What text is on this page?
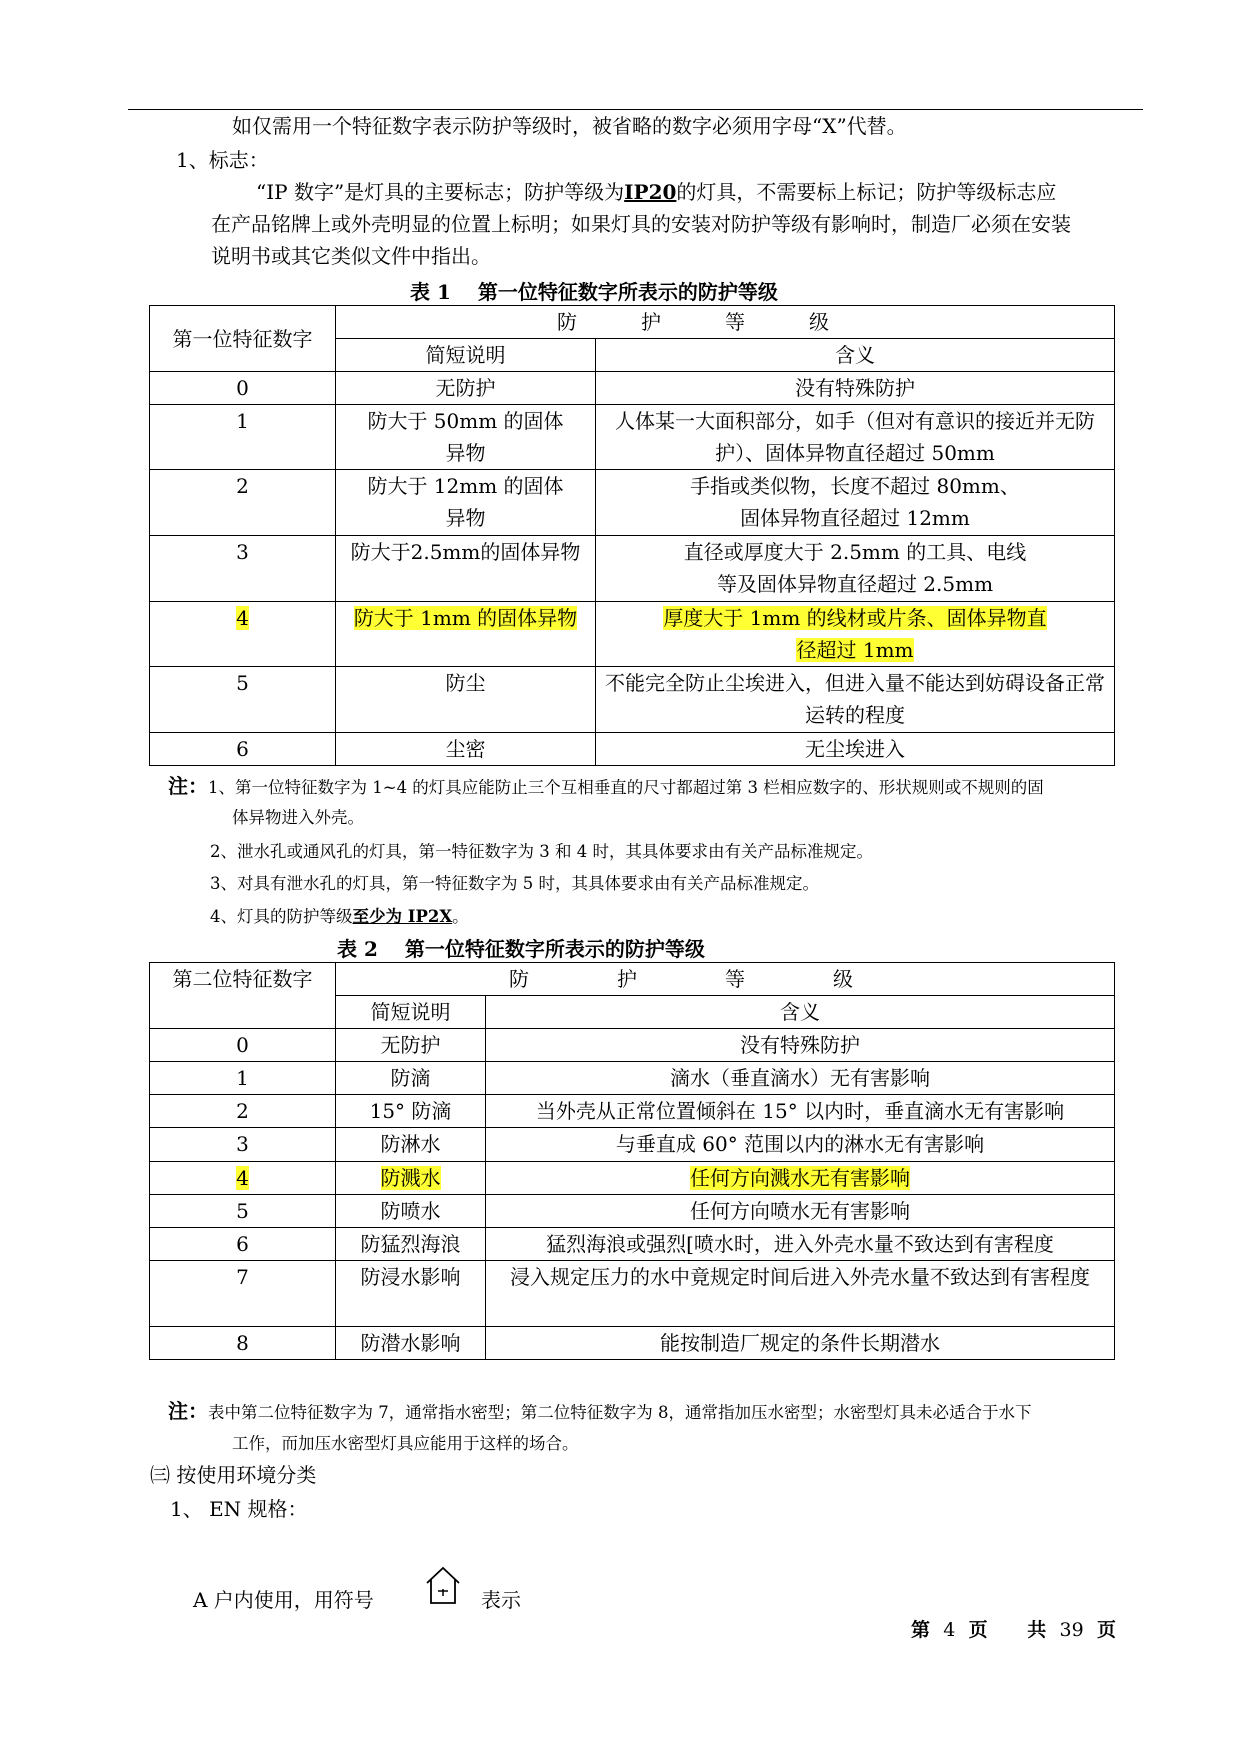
如仅需用一个特征数字表示防护等级时，被省略的数字必须用字母“X”代替。
1、标志：
“IP 数字”是灯具的主要标志；防护等级为IP20的灯具，不需要标上标记；防护等级标志应
在产品铭牌上或外壳明显的位置上标明；如果灯具的安装对防护等级有影响时，制造厂必须在安装
说明书或其它类似文件中指出。
表 1　 第一位特征数字所表示的防护等级
第一位特征数字	防护等级	
	简短说明	含义
0	无防护	没有特殊防护
1	防大于 50mm 的固体异物	人体某一大面积部分，如手（但对有意识的接近并无防护）、固体异物直径超过 50mm
2	防大于 12mm 的固体异物	手指或类似物，长度不超过 80mm、固体异物直径超过 12mm
3	防大于2.5mm的固体异物	直径或厚度大于 2.5mm 的工具、电线等及固体异物直径超过 2.5mm
4	防大于 1mm 的固体异物	厚度大于 1mm 的线材或片条、固体异物直径超过 1mm
5	防尘	不能完全防止尘埃进入，但进入量不能达到妨碍设备正常运转的程度
6	尘密	无尘埃进入
注：1、第一位特征数字为 1~4 的灯具应能防止三个互相垂直的尺寸都超过第 3 栏相应数字的、形状规则或不规则的固
体异物进入外壳。
2、泄水孔或通风孔的灯具，第一特征数字为 3 和 4 时，其具体要求由有关产品标准规定。
3、对具有泄水孔的灯具，第一特征数字为 5 时，其具体要求由有关产品标准规定。
4、灯具的防护等级至少为 IP2X。
表 2　 第一位特征数字所表示的防护等级
第二位特征数字	防护等级	
	简短说明	含义
0	无防护	没有特殊防护
1	防滴	滴水（垂直滴水）无有害影响
2	15° 防滴	当外壳从正常位置倾斜在 15° 以内时，垂直滴水无有害影响
3	防淋水	与垂直成 60° 范围以内的淋水无有害影响
4	防溅水	任何方向溅水无有害影响
5	防喷水	任何方向喷水无有害影响
6	防猛烈海浪	猛烈海浪或强烈[喷水时，进入外壳水量不致达到有害程度
7	防浸水影响	浸入规定压力的水中竟规定时间后进入外壳水量不致达到有害程度
8	防潜水影响	能按制造厂规定的条件长期潜水
注：表中第二位特征数字为 7，通常指水密型；第二位特征数字为 8，通常指加压水密型；水密型灯具未必适合于水下
工作，而加压水密型灯具应能用于这样的场合。
㈢ 按使用环境分类
1、 EN 规格：
A 户内使用，用符号	表示
第 4 页 共 39 页
